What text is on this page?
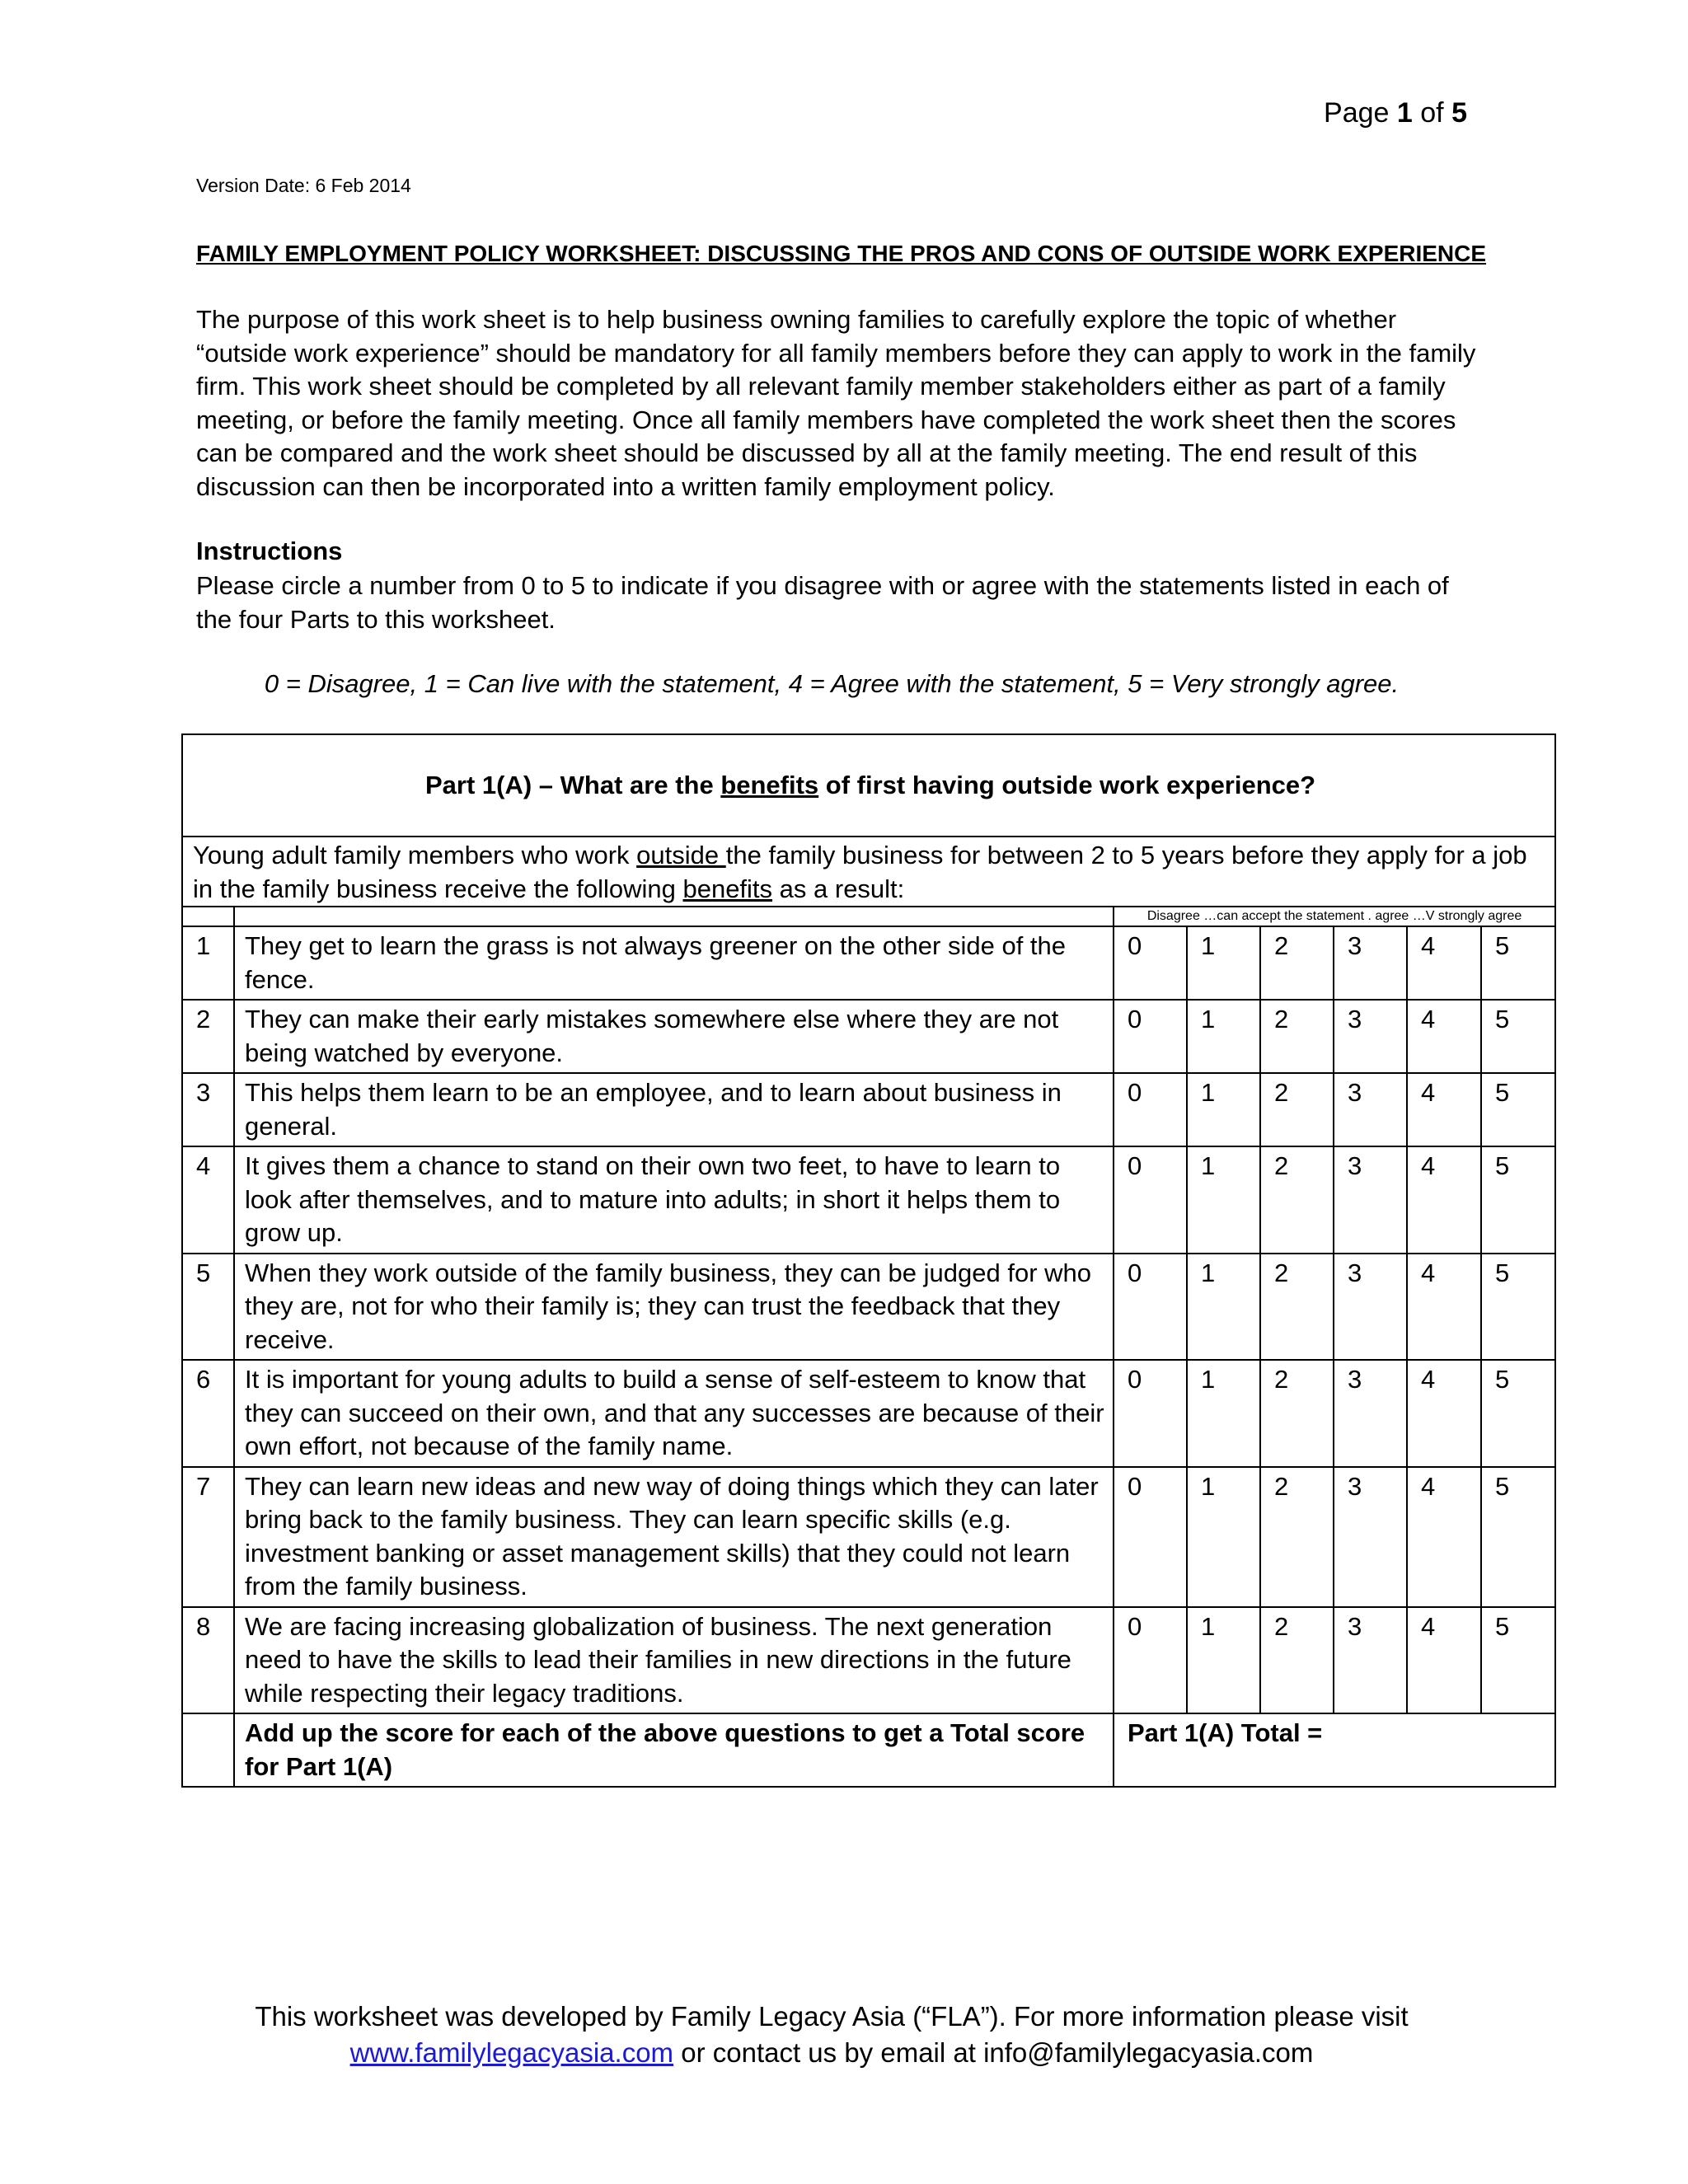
Page 1 of 5
Version Date: 6 Feb 2014
FAMILY EMPLOYMENT POLICY WORKSHEET: DISCUSSING THE PROS AND CONS OF OUTSIDE WORK EXPERIENCE

The purpose of this work sheet is to help business owning families to carefully explore the topic of whether “outside work experience” should be mandatory for all family members before they can apply to work in the family firm. This work sheet should be completed by all relevant family member stakeholders either as part of a family meeting, or before the family meeting. Once all family members have completed the work sheet then the scores can be compared and the work sheet should be discussed by all at the family meeting. The end result of this discussion can then be incorporated into a written family employment policy.

Instructions

Please circle a number from 0 to 5 to indicate if you disagree with or agree with the statements listed in each of the four Parts to this worksheet.

0 = Disagree, 1 = Can live with the statement, 4 = Agree with the statement, 5 = Very strongly agree.
Part 1(A) – What are the benefits of first having outside work experience?							
Young adult family members who work outside the family business for between 2 to 5 years before they apply for a job in the family business receive the following benefits as a result:							
		Disagree …can accept the statement . agree …V strongly agree					
1	They get to learn the grass is not always greener on the other side of the fence.	0	1	2	3	4	5
2	They can make their early mistakes somewhere else where they are not being watched by everyone.	0	1	2	3	4	5
3	This helps them learn to be an employee, and to learn about business in general.	0	1	2	3	4	5
4	It gives them a chance to stand on their own two feet, to have to learn to look after themselves, and to mature into adults; in short it helps them to grow up.	0	1	2	3	4	5
5	When they work outside of the family business, they can be judged for who they are, not for who their family is; they can trust the feedback that they receive.	0	1	2	3	4	5
6	It is important for young adults to build a sense of self-esteem to know that they can succeed on their own, and that any successes are because of their own effort, not because of the family name.	0	1	2	3	4	5
7	They can learn new ideas and new way of doing things which they can later bring back to the family business. They can learn specific skills (e.g. investment banking or asset management skills) that they could not learn from the family business.	0	1	2	3	4	5
8	We are facing increasing globalization of business. The next generation need to have the skills to lead their families in new directions in the future while respecting their legacy traditions.	0	1	2	3	4	5
	Add up the score for each of the above questions to get a Total score for Part 1(A)	Part 1(A) Total =					
This worksheet was developed by Family Legacy Asia (“FLA”). For more information please visit
www.familylegacyasia.com or contact us by email at info@familylegacyasia.com
